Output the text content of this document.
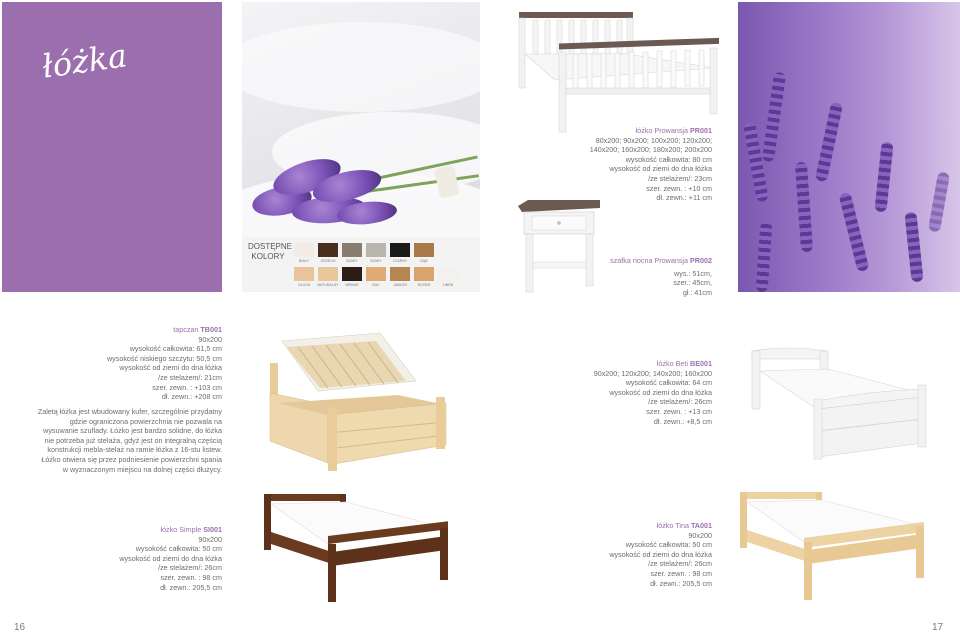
łóżka
DOSTĘPNE
KOLORY	BIAŁY	ORZECH	SZARY	SZARY	CZARNY	DĄB
OLCHA	NATURALNY	WENGE	BUK	JABŁOŃ	ROGER	LINEN
łóżko Prowansja PR001
80x200; 90x200; 100x200; 120x200;
140x200; 160x200; 180x200; 200x200
wysokość całkowita: 80 cm
wysokość od ziemi do dna łóżka
/ze stelażem/: 23cm
szer. zewn. : +10 cm
dł. zewn.: +11 cm
szafka nocna Prowansja PR002
wys.: 51cm,
szer.: 45cm,
gł.: 41cm
tapczan TB001
90x200
wysokość całkowita: 61,5 cm
wysokość niskiego szczytu: 50,5 cm
wysokość od ziemi do dna łóżka
/ze stelażem/: 21cm
szer. zewn. : +103 cm
dł. zewn.: +208 cm
Zaletą łóżka jest wbudowany kufer, szczególnie przydatny
gdzie ograniczona powierzchnia nie pozwala na
wysuwanie szuflady. Łóżko jest bardzo solidne, do łóżka
nie potrzeba już stelaża, gdyż jest on integralną częścią
konstrukcji mebla-stelaż na ramie łóżka z 16-stu listew.
Łóżko otwiera się przez podniesienie powierzchni spania
w wyznaczonym miejscu na dolnej części dłużycy.
łóżko Beti BE001
90x200; 120x200; 140x200; 160x200
wysokość całkowita: 64 cm
wysokość od ziemi do dna łóżka
/ze stelażem/: 26cm
szer. zewn. : +13 cm
dł. zewn.: +8,5 cm
łóżko Simple SI001
90x200
wysokość całkowita: 50 cm
wysokość od ziemi do dna łóżka
/ze stelażem/: 26cm
szer. zewn. : 98 cm
dł. zewn.: 205,5 cm
łóżko Tina TA001
90x200
wysokość całkowita: 50 cm
wysokość od ziemi do dna łóżka
/ze stelażem/: 26cm
szer. zewn. : 98 cm
dł. zewn.: 205,5 cm
16	17
